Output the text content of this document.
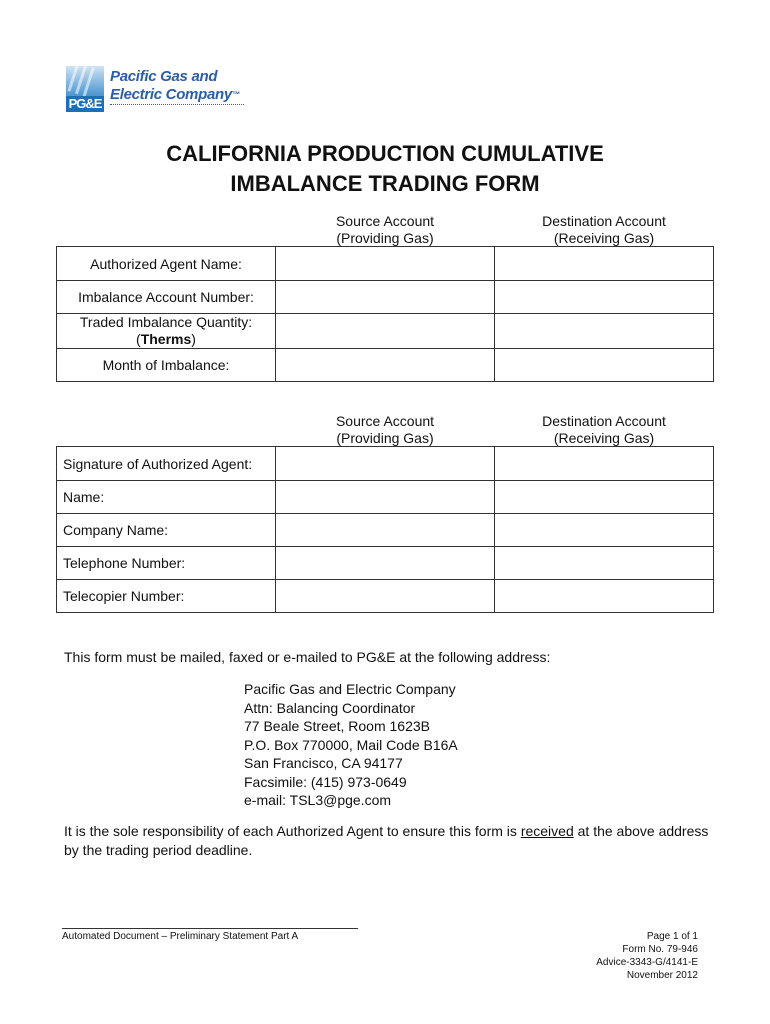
PG&E
Pacific Gas and
Electric Company™
CALIFORNIA PRODUCTION CUMULATIVE
IMBALANCE TRADING FORM
Source Account
(Providing Gas)
Destination Account
(Receiving Gas)
Authorized Agent Name:		
Imbalance Account Number:		

Traded Imbalance Quantity:
(Therms)		

Month of Imbalance:		
Source Account
(Providing Gas)
Destination Account
(Receiving Gas)
Signature of Authorized Agent:		
Name:		
Company Name:		
Telephone Number:		
Telecopier Number:		
This form must be mailed, faxed or e-mailed to PG&E at the following address:
Pacific Gas and Electric Company
Attn: Balancing Coordinator
77 Beale Street, Room 1623B
P.O. Box 770000, Mail Code B16A
San Francisco, CA 94177
Facsimile: (415) 973-0649
e-mail: TSL3@pge.com
It is the sole responsibility of each Authorized Agent to ensure this form is received at the above address
by the trading period deadline.
Automated Document – Preliminary Statement Part A	Page 1 of 1
Form No. 79-946
Advice-3343-G/4141-E
November 2012
